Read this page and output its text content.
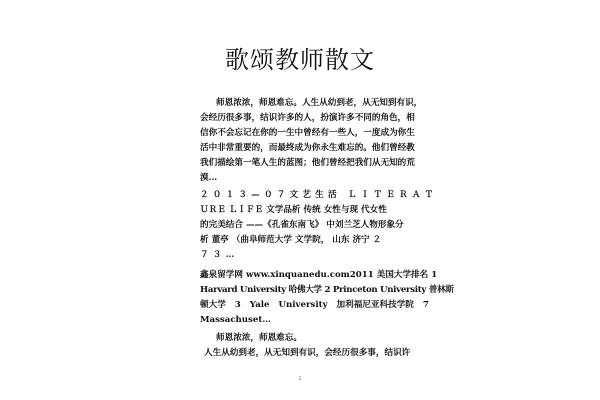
歌颂教师散文
师恩浓浓，师恩难忘。人生从幼到老，从无知到有识，
会经历很多事，结识许多的人，扮演许多不同的角色，相
信你不会忘记在你的一生中曾经有一些人，一度成为你生
活中非常重要的，而最终成为你永生难忘的。他们曾经教
我们描绘第一笔人生的蓝图；他们曾经把我们从无知的荒
漠…
２０１３—０７文艺生活 ＬＩＴＥＲＡＴ
ＵＲＥ ＬＩＦＥ 文学品析 传统 女性与现 代女性
的完美结合 ——《孔雀东南飞》 中刘兰芝人物形象分
析 董亭 （曲阜师范大学 文学院， 山东 济宁 ２
７３…
鑫泉留学网 www.xinquanedu.com2011 美国大学排名 1
Harvard University 哈佛大学 2 Princeton University 普林斯
顿大学 3 Yale University 加利福尼亚科技学院 7
Massachuset…
师恩浓浓，师恩难忘。
人生从幼到老，从无知到有识，会经历很多事，结识许
1
